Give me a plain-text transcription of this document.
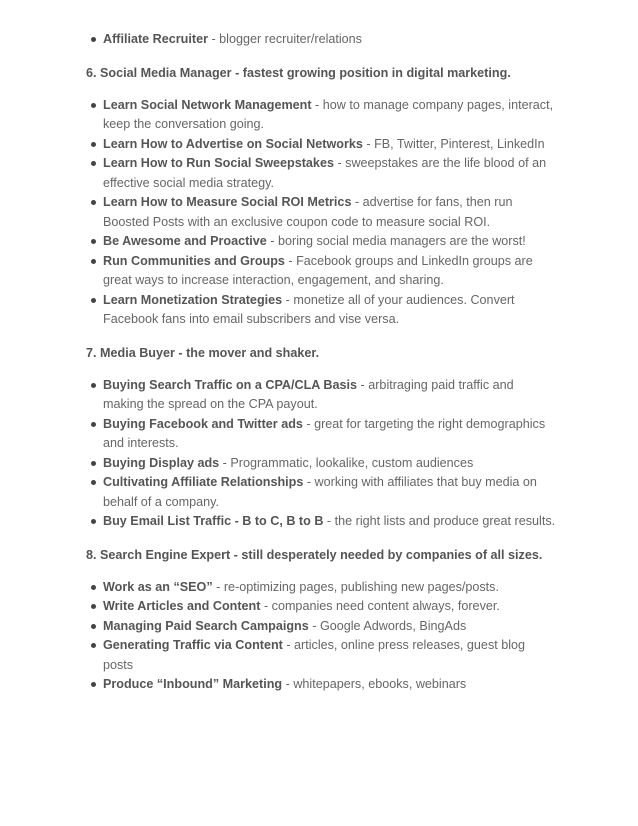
Affiliate Recruiter - blogger recruiter/relations
6. Social Media Manager - fastest growing position in digital marketing.
Learn Social Network Management - how to manage company pages, interact, keep the conversation going.
Learn How to Advertise on Social Networks - FB, Twitter, Pinterest, LinkedIn
Learn How to Run Social Sweepstakes - sweepstakes are the life blood of an effective social media strategy.
Learn How to Measure Social ROI Metrics - advertise for fans, then run Boosted Posts with an exclusive coupon code to measure social ROI.
Be Awesome and Proactive - boring social media managers are the worst!
Run Communities and Groups - Facebook groups and LinkedIn groups are great ways to increase interaction, engagement, and sharing.
Learn Monetization Strategies - monetize all of your audiences. Convert Facebook fans into email subscribers and vise versa.
7. Media Buyer - the mover and shaker.
Buying Search Traffic on a CPA/CLA Basis - arbitraging paid traffic and making the spread on the CPA payout.
Buying Facebook and Twitter ads - great for targeting the right demographics and interests.
Buying Display ads - Programmatic, lookalike, custom audiences
Cultivating Affiliate Relationships - working with affiliates that buy media on behalf of a company.
Buy Email List Traffic - B to C, B to B - the right lists and produce great results.
8. Search Engine Expert - still desperately needed by companies of all sizes.
Work as an “SEO” - re-optimizing pages, publishing new pages/posts.
Write Articles and Content - companies need content always, forever.
Managing Paid Search Campaigns - Google Adwords, BingAds
Generating Traffic via Content - articles, online press releases, guest blog posts
Produce “Inbound” Marketing - whitepapers, ebooks, webinars
